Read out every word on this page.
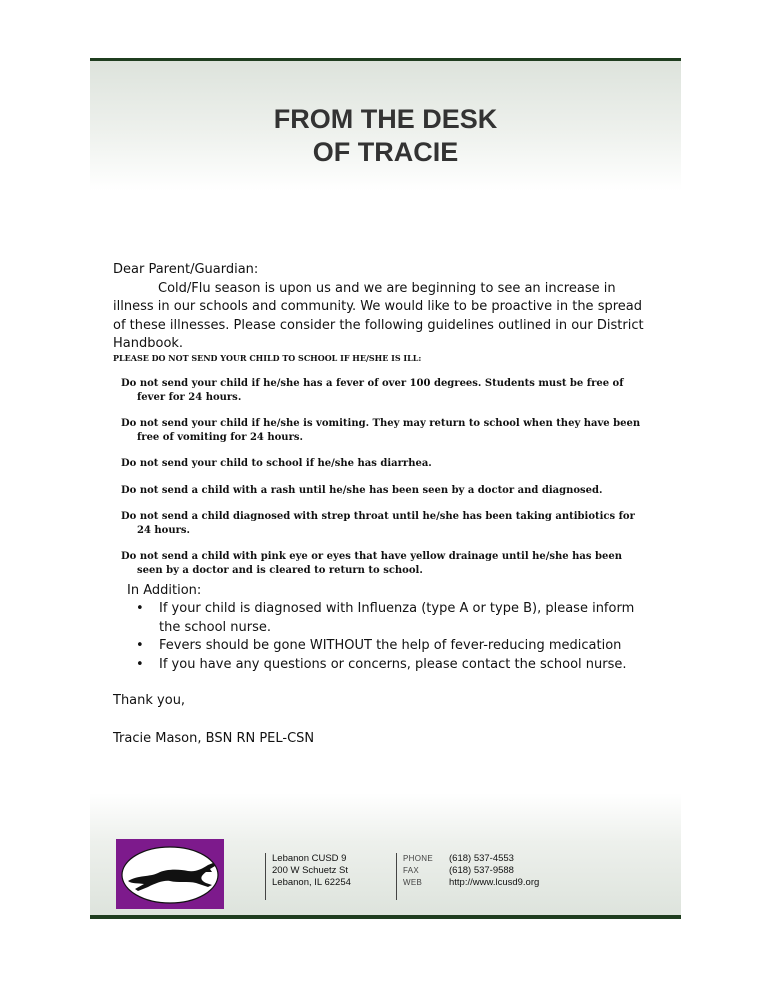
FROM THE DESK
OF TRACIE

Dear Parent/Guardian:

Cold/Flu season is upon us and we are beginning to see an increase in illness in our schools and community. We would like to be proactive in the spread of these illnesses. Please consider the following guidelines outlined in our District Handbook.

PLEASE DO NOT SEND YOUR CHILD TO SCHOOL IF HE/SHE IS ILL:
Do not send your child if he/she has a fever of over 100 degrees. Students must be free of fever for 24 hours.
Do not send your child if he/she is vomiting. They may return to school when they have been free of vomiting for 24 hours.
Do not send your child to school if he/she has diarrhea.
Do not send a child with a rash until he/she has been seen by a doctor and diagnosed.
Do not send a child diagnosed with strep throat until he/she has been taking antibiotics for 24 hours.
Do not send a child with pink eye or eyes that have yellow drainage until he/she has been seen by a doctor and is cleared to return to school.
In Addition:
• If your child is diagnosed with Influenza (type A or type B), please inform the school nurse.
• Fevers should be gone WITHOUT the help of fever-reducing medication
• If you have any questions or concerns, please contact the school nurse.
Thank you,
Tracie Mason, BSN RN PEL-CSN
Lebanon CUSD 9
200 W Schuetz St
Lebanon, IL 62254
PHONE	(618) 537-4553
FAX	(618) 537-9588
WEB	http://www.lcusd9.org
